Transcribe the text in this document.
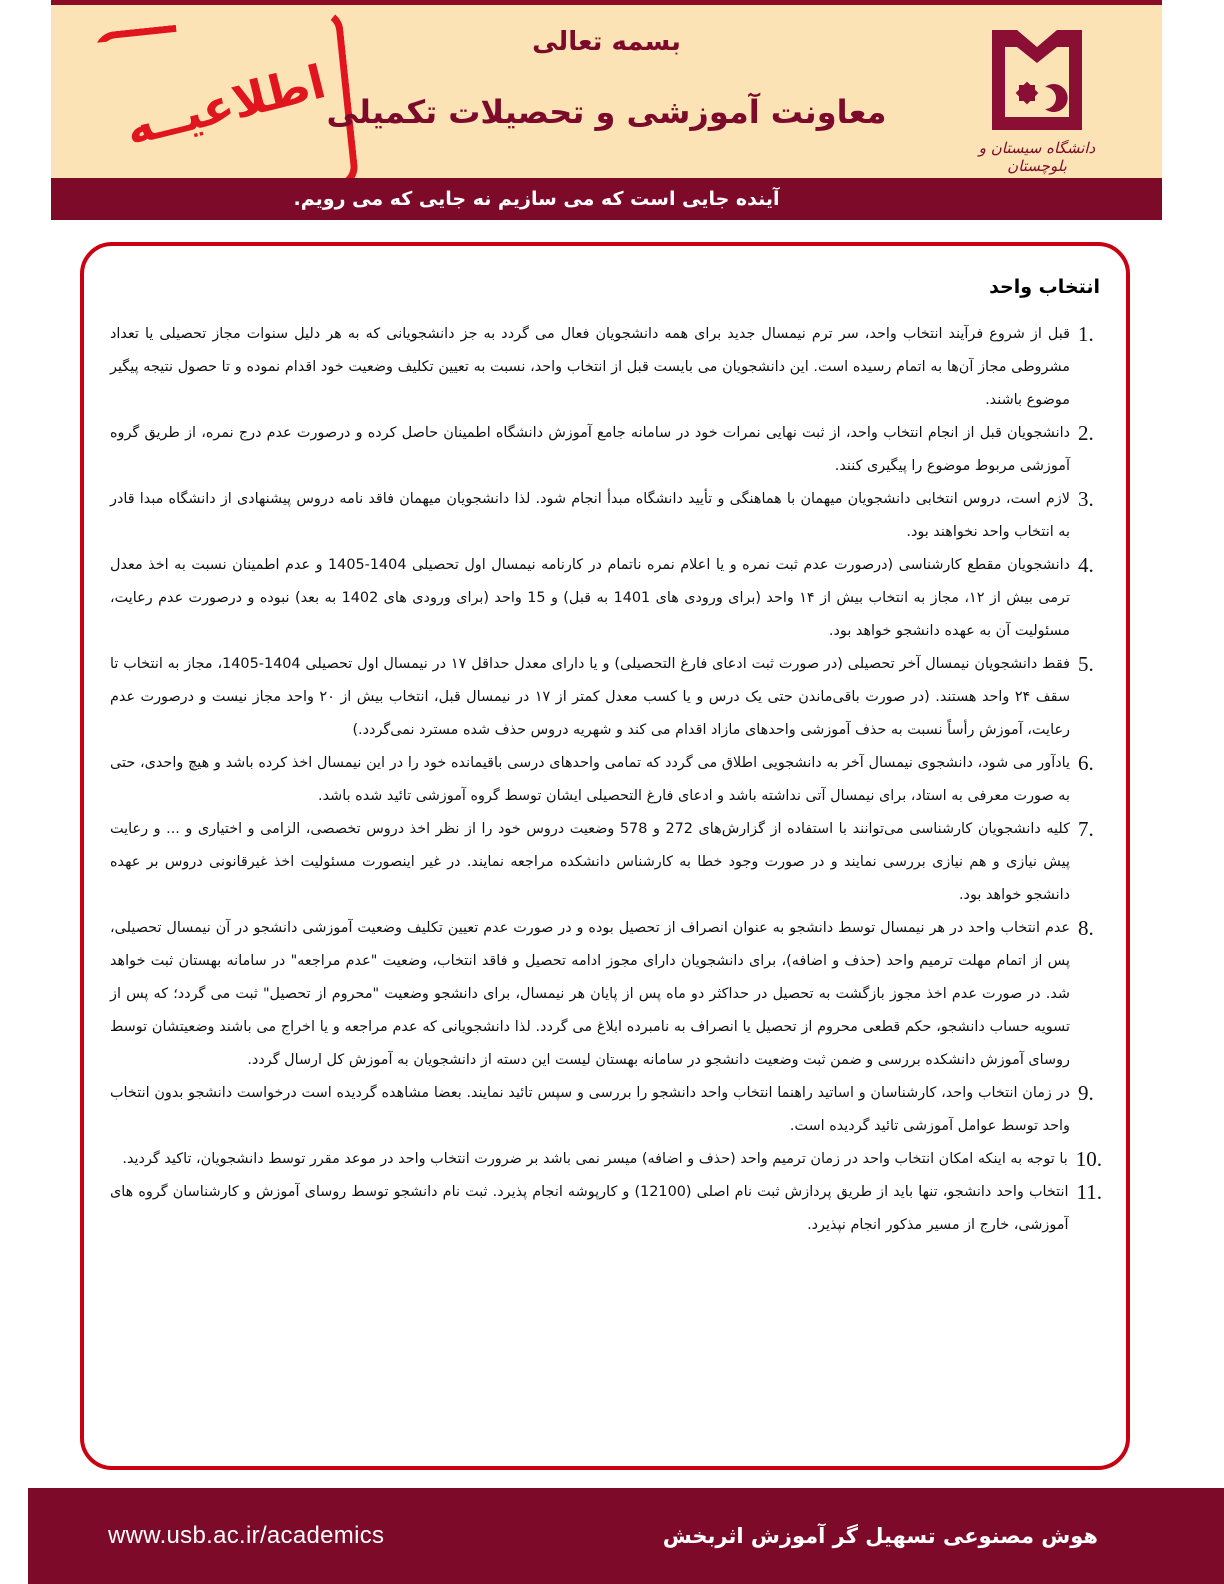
اطلاعیــه
بسمه تعالی
معاونت آموزشی و تحصیلات تکمیلی
دانشگاه سیستان و بلوچستان
آینده جایی است که می سازیم نه جایی که می رویم.
انتخاب واحد
1.
قبل از شروع فرآیند انتخاب واحد، سر ترم نیمسال جدید برای همه دانشجویان فعال می گردد به جز دانشجویانی که به هر دلیل سنوات مجاز تحصیلی یا تعداد مشروطی مجاز آن‌ها به اتمام رسیده است. این دانشجویان می بایست قبل از انتخاب واحد، نسبت به تعیین تکلیف وضعیت خود اقدام نموده و تا حصول نتیجه پیگیر موضوع باشند.
2.
دانشجویان قبل از انجام انتخاب واحد، از ثبت نهایی نمرات خود در سامانه جامع آموزش دانشگاه اطمینان حاصل کرده و درصورت عدم درج نمره، از طریق گروه آموزشی مربوط موضوع را پیگیری کنند.
3.
لازم است، دروس انتخابی دانشجویان میهمان با هماهنگی و تأیید دانشگاه مبدأ انجام شود. لذا دانشجویان میهمان فاقد نامه دروس پیشنهادی از دانشگاه مبدا قادر به انتخاب واحد نخواهند بود.
4.
دانشجویان مقطع کارشناسی (درصورت عدم ثبت نمره و یا اعلام نمره ناتمام در کارنامه نیمسال اول تحصیلی 1404-1405 و عدم اطمینان نسبت به اخذ معدل ترمی بیش از ۱۲، مجاز به انتخاب بیش از ۱۴ واحد (برای ورودی های 1401 به قبل) و 15 واحد (برای ورودی های 1402 به بعد) نبوده و درصورت عدم رعایت، مسئولیت آن به عهده دانشجو خواهد بود.
5.
فقط دانشجویان نیمسال آخر تحصیلی (در صورت ثبت ادعای فارغ التحصیلی) و یا دارای معدل حداقل ۱۷ در نیمسال اول تحصیلی 1404-1405، مجاز به انتخاب تا سقف ۲۴ واحد هستند. (در صورت باقی‌ماندن حتی یک درس و یا کسب معدل کمتر از ۱۷ در نیمسال قبل، انتخاب بیش از ۲۰ واحد مجاز نیست و درصورت عدم رعایت، آموزش رأساً نسبت به حذف آموزشی واحدهای مازاد اقدام می کند و شهریه دروس حذف شده مسترد نمی‌گردد.)
6.
یادآور می شود، دانشجوی نیمسال آخر به دانشجویی اطلاق می گردد که تمامی واحدهای درسی باقیمانده خود را در این نیمسال اخذ کرده باشد و هیچ واحدی، حتی به صورت معرفی به استاد، برای نیمسال آتی نداشته باشد و ادعای فارغ التحصیلی ایشان توسط گروه آموزشی تائید شده باشد.
7.
کلیه دانشجویان کارشناسی می‌توانند با استفاده از گزارش‌های 272 و 578 وضعیت دروس خود را از نظر اخذ دروس تخصصی، الزامی و اختیاری و ... و رعایت پیش نیازی و هم نیازی بررسی نمایند و در صورت وجود خطا به کارشناس دانشکده مراجعه نمایند. در غیر اینصورت مسئولیت اخذ غیرقانونی دروس بر عهده دانشجو خواهد بود.
8.
عدم انتخاب واحد در هر نیمسال توسط دانشجو به عنوان انصراف از تحصیل بوده و در صورت عدم تعیین تکلیف وضعیت آموزشی دانشجو در آن نیمسال تحصیلی، پس از اتمام مهلت ترمیم واحد (حذف و اضافه)، برای دانشجویان دارای مجوز ادامه تحصیل و فاقد انتخاب، وضعیت "عدم مراجعه" در سامانه بهستان ثبت خواهد شد. در صورت عدم اخذ مجوز بازگشت به تحصیل در حداکثر دو ماه پس از پایان هر نیمسال، برای دانشجو وضعیت "محروم از تحصیل" ثبت می گردد؛ که پس از تسویه حساب دانشجو، حکم قطعی محروم از تحصیل یا انصراف به نامبرده ابلاغ می گردد. لذا دانشجویانی که عدم مراجعه و یا اخراج می باشند وضعیتشان توسط روسای آموزش دانشکده بررسی و ضمن ثبت وضعیت دانشجو در سامانه بهستان لیست این دسته از دانشجویان به آموزش کل ارسال گردد.
9.
در زمان انتخاب واحد، کارشناسان و اساتید راهنما انتخاب واحد دانشجو را بررسی و سپس تائید نمایند. بعضا مشاهده گردیده است درخواست دانشجو بدون انتخاب واحد توسط عوامل آموزشی تائید گردیده است.
10.
با توجه به اینکه امکان انتخاب واحد در زمان ترمیم واحد (حذف و اضافه) میسر نمی باشد بر ضرورت انتخاب واحد در موعد مقرر توسط دانشجویان، تاکید گردید.
11.
انتخاب واحد دانشجو، تنها باید از طریق پردازش ثبت نام اصلی (12100) و کارپوشه انجام پذیرد. ثبت نام دانشجو توسط روسای آموزش و کارشناسان گروه های آموزشی، خارج از مسیر مذکور انجام نپذیرد.
www.usb.ac.ir/academics	هوش مصنوعی تسهیل گر آموزش اثربخش
